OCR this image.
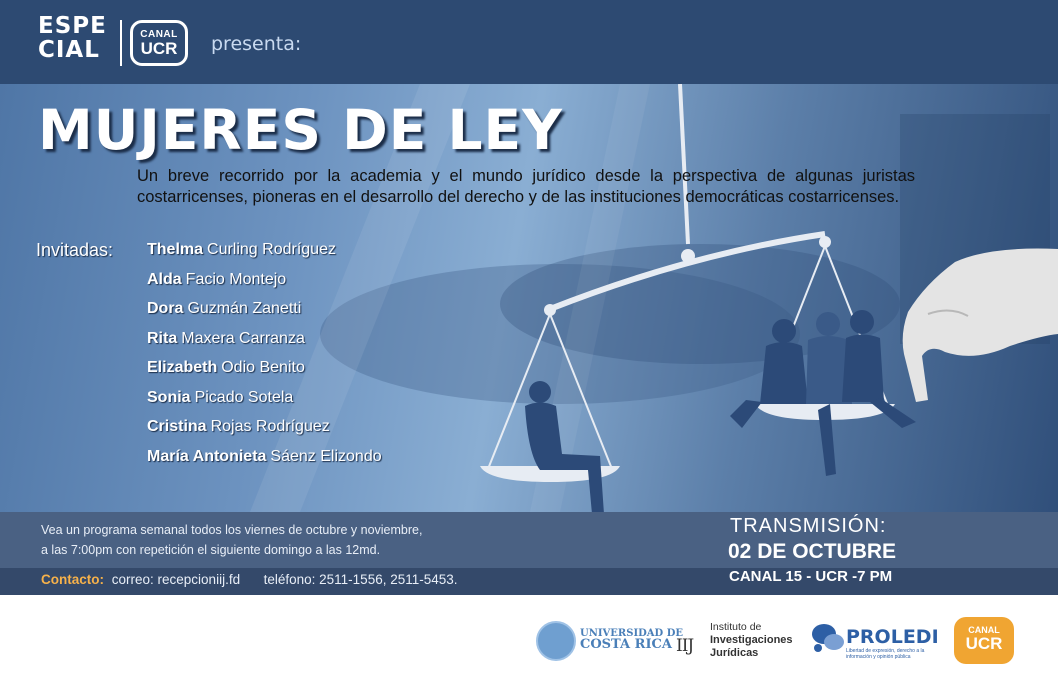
ESPE
CIAL
CANAL
UCR	presenta:
MUJERES DE LEY

Un breve recorrido por la academia y el mundo jurídico desde la perspectiva de algunas juristas costarricenses, pioneras en el desarrollo del derecho y de las instituciones democráticas costarricenses.

Invitadas: Thelma Curling Rodríguez
Alda Facio Montejo
Dora Guzmán Zanetti
Rita Maxera Carranza
Elizabeth Odio Benito
Sonia Picado Sotela
Cristina Rojas Rodríguez
María Antonieta Sáenz Elizondo
Vea un programa semanal todos los viernes de octubre y noviembre,
a las 7:00pm con repetición el siguiente domingo a las 12md.
Contacto: correo: recepcioniij.fd teléfono: 2511-1556, 2511-5453.
TRANSMISIÓN:
02 DE OCTUBRE
CANAL 15 - UCR -7 PM
UNIVERSIDAD DE
COSTA RICA IIJ
Instituto de
Investigaciones
Jurídicas
PROLEDI
Libertad de expresión, derecho a la información y opinión pública
CANAL
UCR
